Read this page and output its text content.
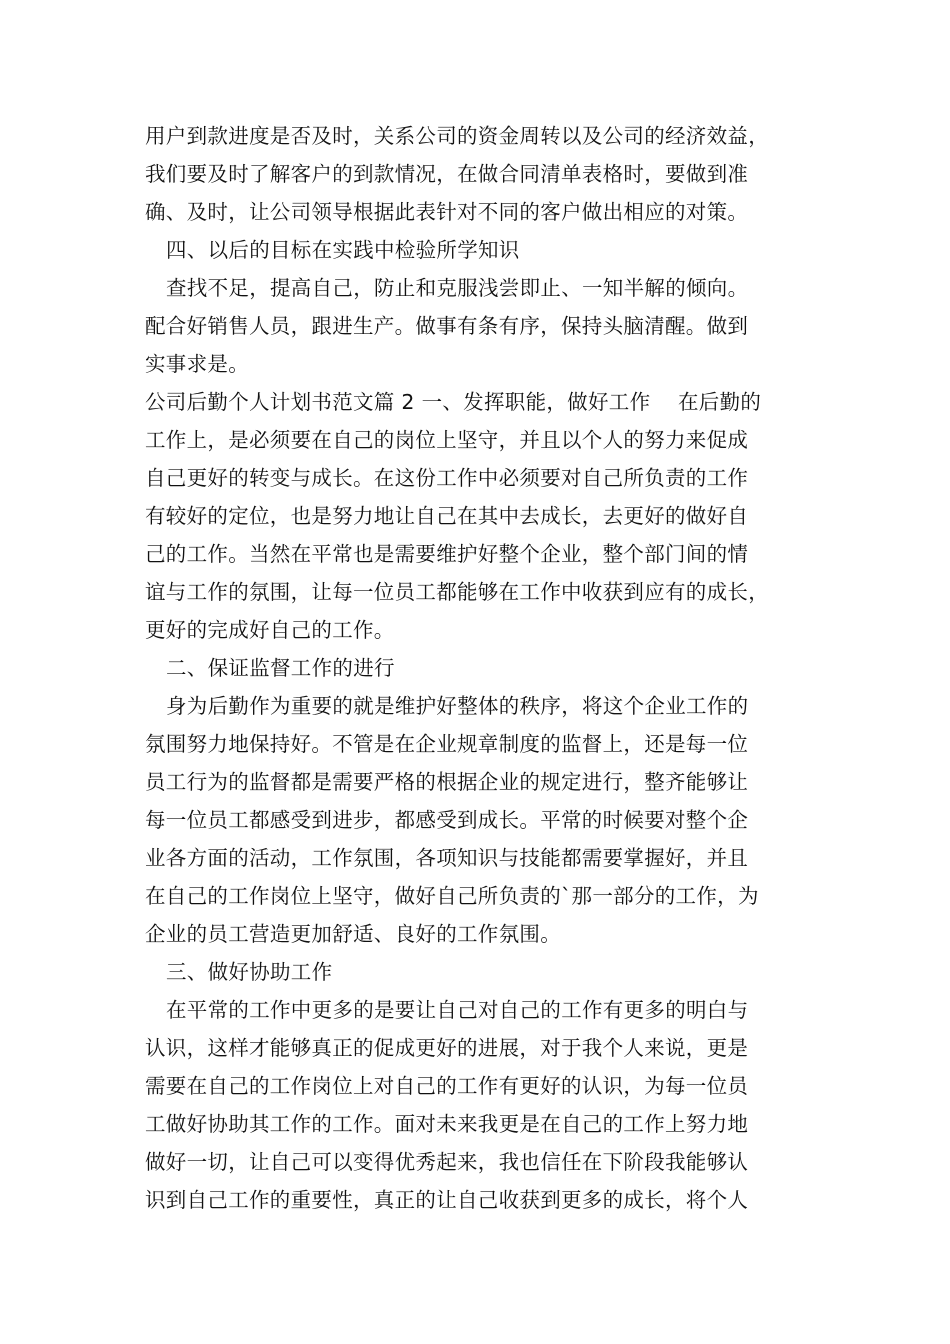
用户到款进度是否及时，关系公司的资金周转以及公司的经济效益，
我们要及时了解客户的到款情况，在做合同清单表格时，要做到准
确、及时，让公司领导根据此表针对不同的客户做出相应的对策。
四、以后的目标在实践中检验所学知识
查找不足，提高自己，防止和克服浅尝即止、一知半解的倾向。
配合好销售人员，跟进生产。做事有条有序，保持头脑清醒。做到
实事求是。
公司后勤个人计划书范文篇 2 一、发挥职能，做好工作　 在后勤的
工作上，是必须要在自己的岗位上坚守，并且以个人的努力来促成
自己更好的转变与成长。在这份工作中必须要对自己所负责的工作
有较好的定位，也是努力地让自己在其中去成长，去更好的做好自
己的工作。当然在平常也是需要维护好整个企业，整个部门间的情
谊与工作的氛围，让每一位员工都能够在工作中收获到应有的成长，
更好的完成好自己的工作。
二、保证监督工作的进行
身为后勤作为重要的就是维护好整体的秩序，将这个企业工作的
氛围努力地保持好。不管是在企业规章制度的监督上，还是每一位
员工行为的监督都是需要严格的根据企业的规定进行，整齐能够让
每一位员工都感受到进步，都感受到成长。平常的时候要对整个企
业各方面的活动，工作氛围，各项知识与技能都需要掌握好，并且
在自己的工作岗位上坚守，做好自己所负责的`那一部分的工作，为
企业的员工营造更加舒适、良好的工作氛围。
三、做好协助工作
在平常的工作中更多的是要让自己对自己的工作有更多的明白与
认识，这样才能够真正的促成更好的进展，对于我个人来说，更是
需要在自己的工作岗位上对自己的工作有更好的认识，为每一位员
工做好协助其工作的工作。面对未来我更是在自己的工作上努力地
做好一切，让自己可以变得优秀起来，我也信任在下阶段我能够认
识到自己工作的重要性，真正的让自己收获到更多的成长，将个人
